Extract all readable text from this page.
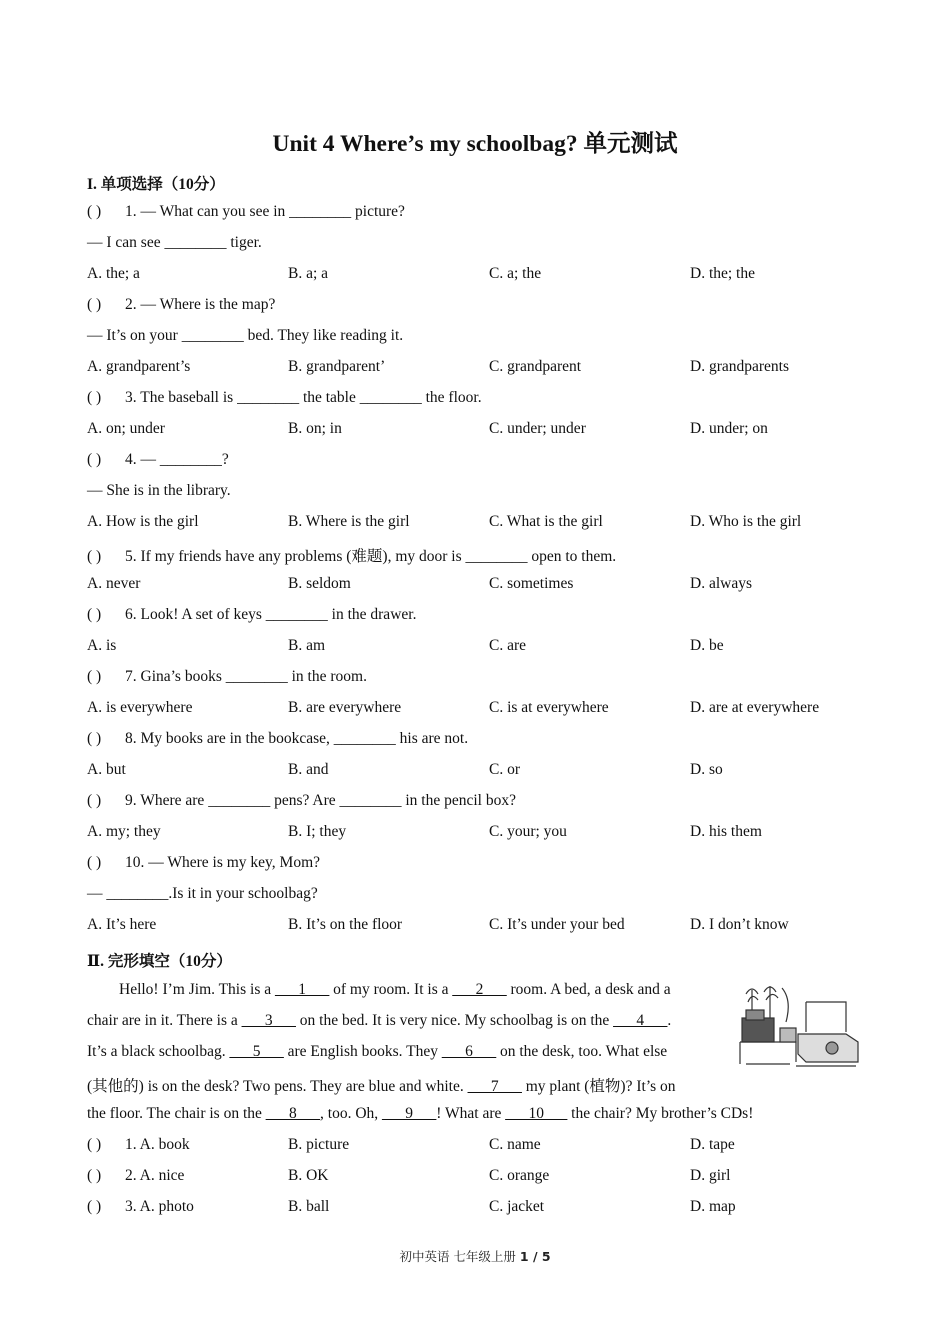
Unit 4 Where’s my schoolbag? 单元测试
I. 单项选择（10分）
( ) 1. — What can you see in ________ picture?
— I can see ________ tiger.
A. the; a	B. a; a	C. a; the	D. the; the
( ) 2. — Where is the map?
— It’s on your ________ bed. They like reading it.
A. grandparent’s	B. grandparent’	C. grandparent	D. grandparents
( ) 3. The baseball is ________ the table ________ the floor.
A. on; under	B. on; in	C. under; under	D. under; on
( ) 4. — ________?
— She is in the library.
A. How is the girl	B. Where is the girl	C. What is the girl	D. Who is the girl
( ) 5. If my friends have any problems (难题), my door is ________ open to them.
A. never	B. seldom	C. sometimes	D. always
( ) 6. Look! A set of keys ________ in the drawer.
A. is	B. am	C. are	D. be
( ) 7. Gina’s books ________ in the room.
A. is everywhere	B. are everywhere	C. is at everywhere	D. are at everywhere
( ) 8. My books are in the bookcase, ________ his are not.
A. but	B. and	C. or	D. so
( ) 9. Where are ________ pens? Are ________ in the pencil box?
A. my; they	B. I; they	C. your; you	D. his them
( ) 10. — Where is my key, Mom?
— ________.Is it in your schoolbag?
A. It’s here	B. It’s on the floor	C. It’s under your bed	D. I don’t know
Ⅱ. 完形填空（10分）
Hello! I’m Jim. This is a ___1___ of my room. It is a ___2___ room. A bed, a desk and a
chair are in it. There is a ___3___ on the bed. It is very nice. My schoolbag is on the ___4___.
It’s a black schoolbag. ___5___ are English books. They ___6___ on the desk, too. What else
(其他的) is on the desk? Two pens. They are blue and white. ___7___ my plant (植物)? It’s on
the floor. The chair is on the ___8___, too. Oh, ___9___! What are ___10___ the chair? My brother’s CDs!
( ) 1. A. book	B. picture	C. name	D. tape
( ) 2. A. nice	B. OK	C. orange	D. girl
( ) 3. A. photo	B. ball	C. jacket	D. map
初中英语 七年级上册 1 / 5
